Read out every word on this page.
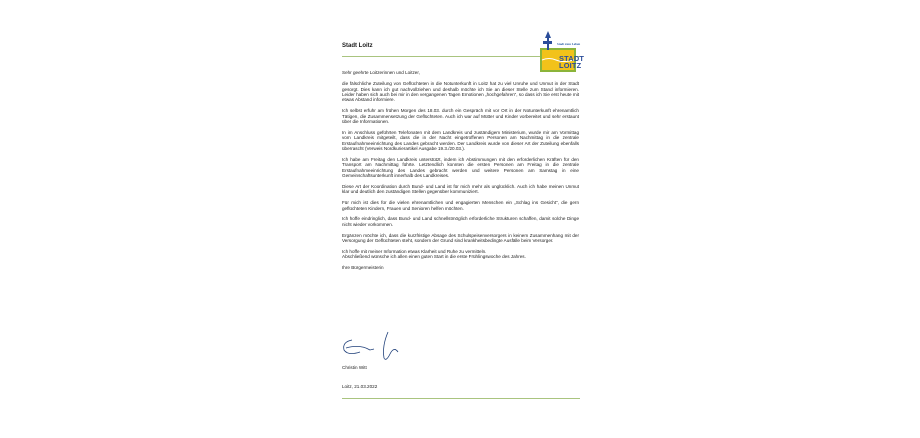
Stadt Loitz	Stadt zum Leben
STADT
LOITZ

Sehr geehrte Loitzerinnen und Loitzer,

die fälschliche Zuteilung von Geflüchteten in die Notunterkunft in Loitz hat zu viel Unruhe und Unmut in der Stadt gesorgt. Dies kann ich gut nachvollziehen und deshalb möchte ich Sie an dieser Stelle zum Stand informieren. Leider haben sich auch bei mir in den vergangenen Tagen Emotionen „hochgefahren“, so dass ich Sie erst heute mit etwas Abstand informiere.

Ich selbst erfuhr am frühen Morgen des 18.03. durch ein Gespräch mit vor Ort in der Notunterkunft ehrenamtlich Tätigen, die Zusammensetzung der Geflüchteten. Auch ich war auf Mütter und Kinder vorbereitet und sehr erstaunt über die Informationen.

In im Anschluss geführten Telefonaten mit dem Landkreis und zuständigem Ministerium, wurde mir am Vormittag vom Landkreis mitgeteilt, dass die in der Nacht eingetroffenen Personen am Nachmittag in die zentrale Erstaufnahmeeinrichtung des Landes gebracht werden. Der Landkreis wurde von dieser Art der Zuteilung ebenfalls überrascht (Verweis Nordkurierartikel Ausgabe 19.3./20.03.).

Ich habe am Freitag den Landkreis unterstützt, indem ich Abstimmungen mit den erforderlichen Kräften für den Transport am Nachmittag führte. Letztendlich konnten die ersten Personen am Freitag in die zentrale Erstaufnahmeeinrichtung des Landes gebracht werden und weitere Personen am Samstag in eine Gemeinschaftsunterkunft innerhalb des Landkreises.

Diese Art der Koordination durch Bund- und Land ist für mich mehr als unglücklich. Auch ich habe meinen Unmut klar und deutlich den zuständigen Stellen gegenüber kommuniziert.

Für mich ist dies für die vielen ehrenamtlichen und engagierten Menschen ein „Schlag ins Gesicht“, die gern geflüchteten Kindern, Frauen und Senioren helfen möchten.

Ich hoffe eindringlich, dass Bund- und Land schnellstmöglich erforderliche Strukturen schaffen, damit solche Dinge nicht wieder vorkommen.

Ergänzen möchte ich, dass die kurzfristige Absage des Schulspeisenversorgers in keinem Zusammenhang mit der Versorgung der Geflüchteten steht, sondern der Grund sind krankheitsbedingte Ausfälle beim Versorger.

Ich hoffe mit meiner Information etwas Klarheit und Ruhe zu vermitteln.
Abschließend wünsche ich allen einen guten Start in die erste Frühlingswoche des Jahres.

Ihre Bürgermeisterin

Christin Witt
Loitz, 21.03.2022
